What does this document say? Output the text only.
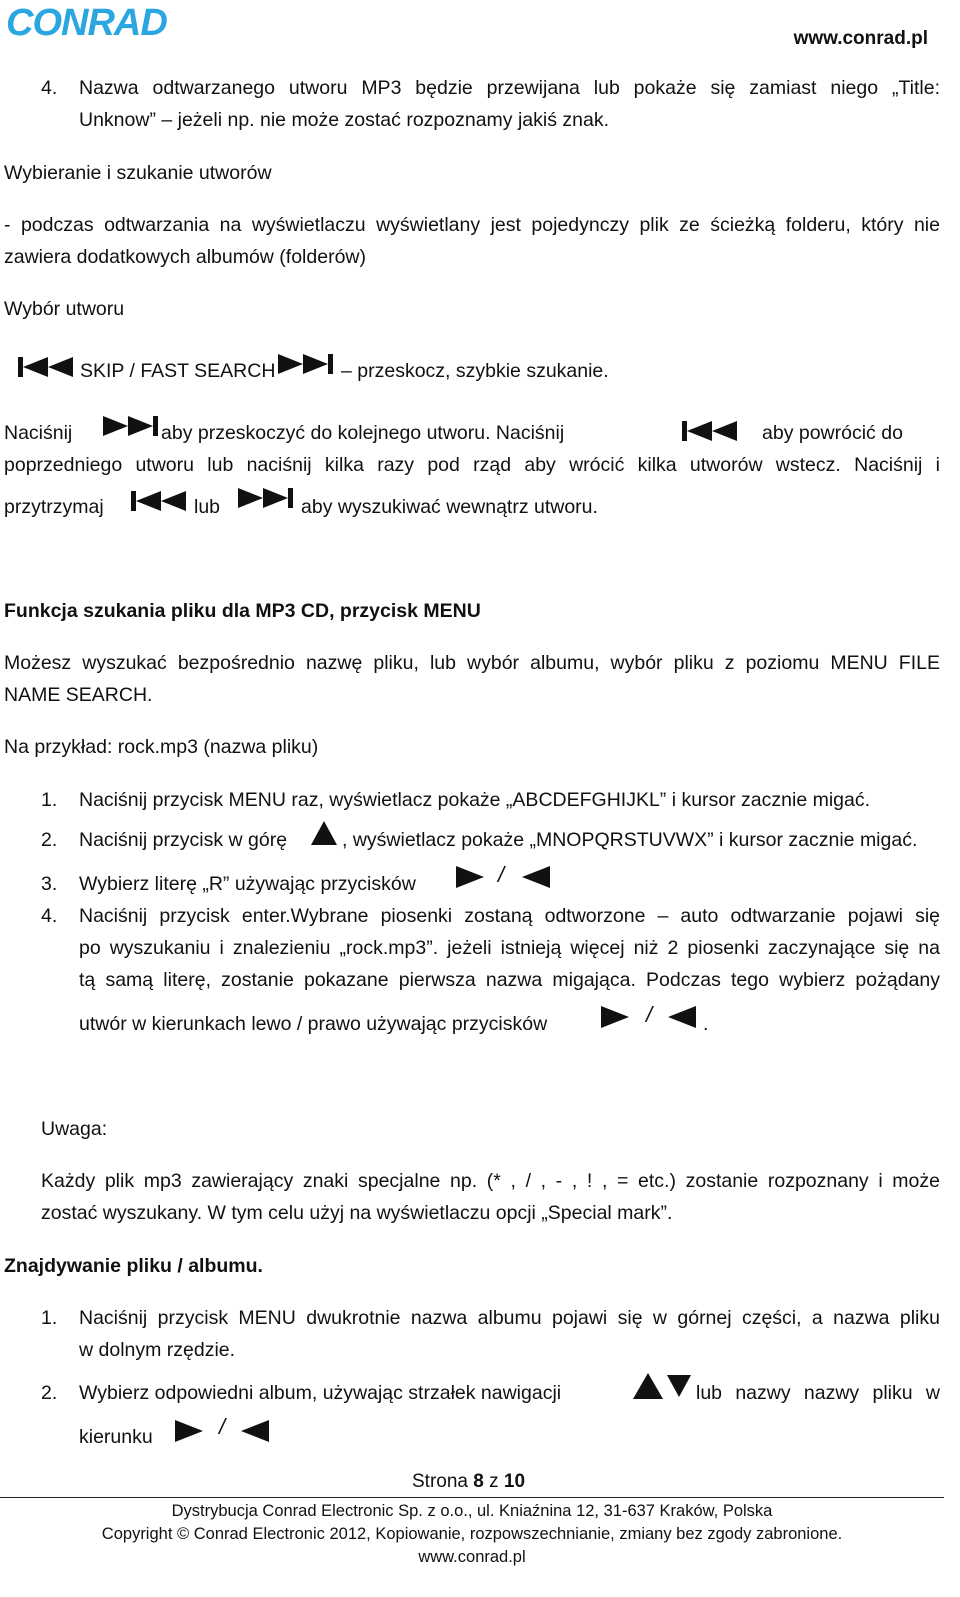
CONRAD	www.conrad.pl
4. Nazwa odtwarzanego utworu MP3 będzie przewijana lub pokaże się zamiast niego „Title:
Unknow” – jeżeli np. nie może zostać rozpoznamy jakiś znak.
Wybieranie i szukanie utworów
- podczas odtwarzania na wyświetlaczu wyświetlany jest pojedynczy plik ze ścieżką folderu, który nie
zawiera dodatkowych albumów (folderów)
Wybór utworu
SKIP / FAST SEARCH	– przeskocz, szybkie szukanie.
Naciśnij	aby przeskoczyć do kolejnego utworu. Naciśnij	aby powrócić do
poprzedniego utworu lub naciśnij kilka razy pod rząd aby wrócić kilka utworów wstecz. Naciśnij i
przytrzymaj	lub	aby wyszukiwać wewnątrz utworu.
Funkcja szukania pliku dla MP3 CD, przycisk MENU
Możesz wyszukać bezpośrednio nazwę pliku, lub wybór albumu, wybór pliku z poziomu MENU FILE
NAME SEARCH.
Na przykład: rock.mp3 (nazwa pliku)
1. Naciśnij przycisk MENU raz, wyświetlacz pokaże „ABCDEFGHIJKL” i kursor zacznie migać.
2. Naciśnij przycisk w górę	, wyświetlacz pokaże „MNOPQRSTUVWX” i kursor zacznie migać.
3. Wybierz literę „R” używając przycisków	/
4. Naciśnij przycisk enter.Wybrane piosenki zostaną odtworzone – auto odtwarzanie pojawi się
po wyszukaniu i znalezieniu „rock.mp3”. jeżeli istnieją więcej niż 2 piosenki zaczynające się na
tą samą literę, zostanie pokazane pierwsza nazwa migająca. Podczas tego wybierz pożądany
utwór w kierunkach lewo / prawo używając przycisków	/	.
Uwaga:
Każdy plik mp3 zawierający znaki specjalne np. (* , / , - , ! , = etc.) zostanie rozpoznany i może
zostać wyszukany. W tym celu użyj na wyświetlaczu opcji „Special mark”.
Znajdywanie pliku / albumu.
1. Naciśnij przycisk MENU dwukrotnie nazwa albumu pojawi się w górnej części, a nazwa pliku
w dolnym rzędzie.
2. Wybierz odpowiedni album, używając strzałek nawigacji	lub nazwy nazwy pliku w
kierunku	/
Strona 8 z 10
Dystrybucja Conrad Electronic Sp. z o.o., ul. Kniaźnina 12, 31-637 Kraków, Polska
Copyright © Conrad Electronic 2012, Kopiowanie, rozpowszechnianie, zmiany bez zgody zabronione.
www.conrad.pl
